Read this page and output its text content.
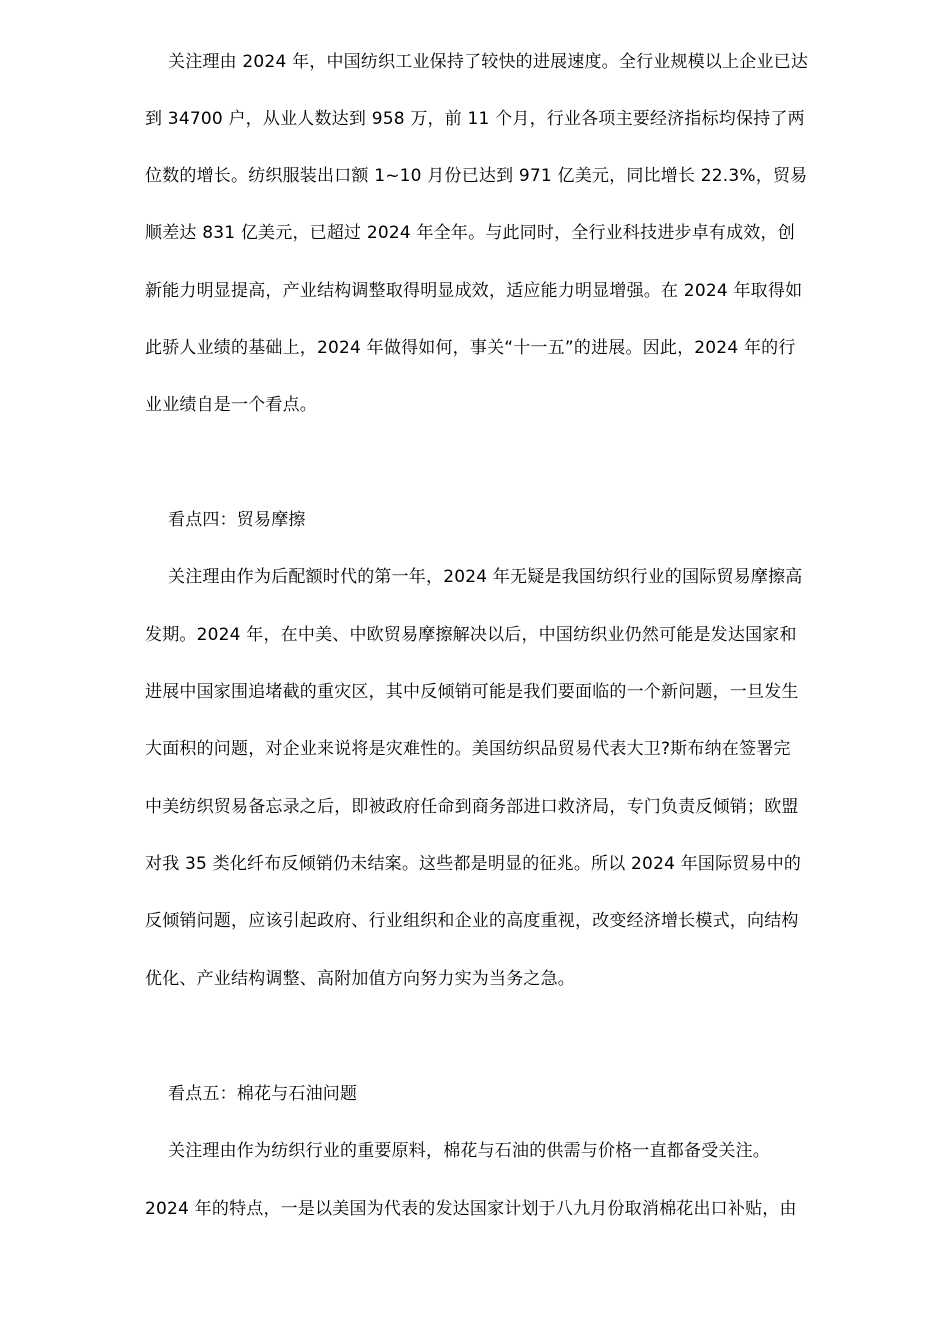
关注理由 2024 年，中国纺织工业保持了较快的进展速度。全行业规模以上企业已达
到 34700 户，从业人数达到 958 万，前 11 个月，行业各项主要经济指标均保持了两
位数的增长。纺织服装出口额 1~10 月份已达到 971 亿美元，同比增长 22.3%，贸易
顺差达 831 亿美元，已超过 2024 年全年。与此同时，全行业科技进步卓有成效，创
新能力明显提高，产业结构调整取得明显成效，适应能力明显增强。在 2024 年取得如
此骄人业绩的基础上，2024 年做得如何，事关“十一五”的进展。因此，2024 年的行
业业绩自是一个看点。
看点四：贸易摩擦
关注理由作为后配额时代的第一年，2024 年无疑是我国纺织行业的国际贸易摩擦高
发期。2024 年，在中美、中欧贸易摩擦解决以后，中国纺织业仍然可能是发达国家和
进展中国家围追堵截的重灾区，其中反倾销可能是我们要面临的一个新问题，一旦发生
大面积的问题，对企业来说将是灾难性的。美国纺织品贸易代表大卫?斯布纳在签署完
中美纺织贸易备忘录之后，即被政府任命到商务部进口救济局，专门负责反倾销；欧盟
对我 35 类化纤布反倾销仍未结案。这些都是明显的征兆。所以 2024 年国际贸易中的
反倾销问题，应该引起政府、行业组织和企业的高度重视，改变经济增长模式，向结构
优化、产业结构调整、高附加值方向努力实为当务之急。
看点五：棉花与石油问题
关注理由作为纺织行业的重要原料，棉花与石油的供需与价格一直都备受关注。
2024 年的特点，一是以美国为代表的发达国家计划于八九月份取消棉花出口补贴，由
